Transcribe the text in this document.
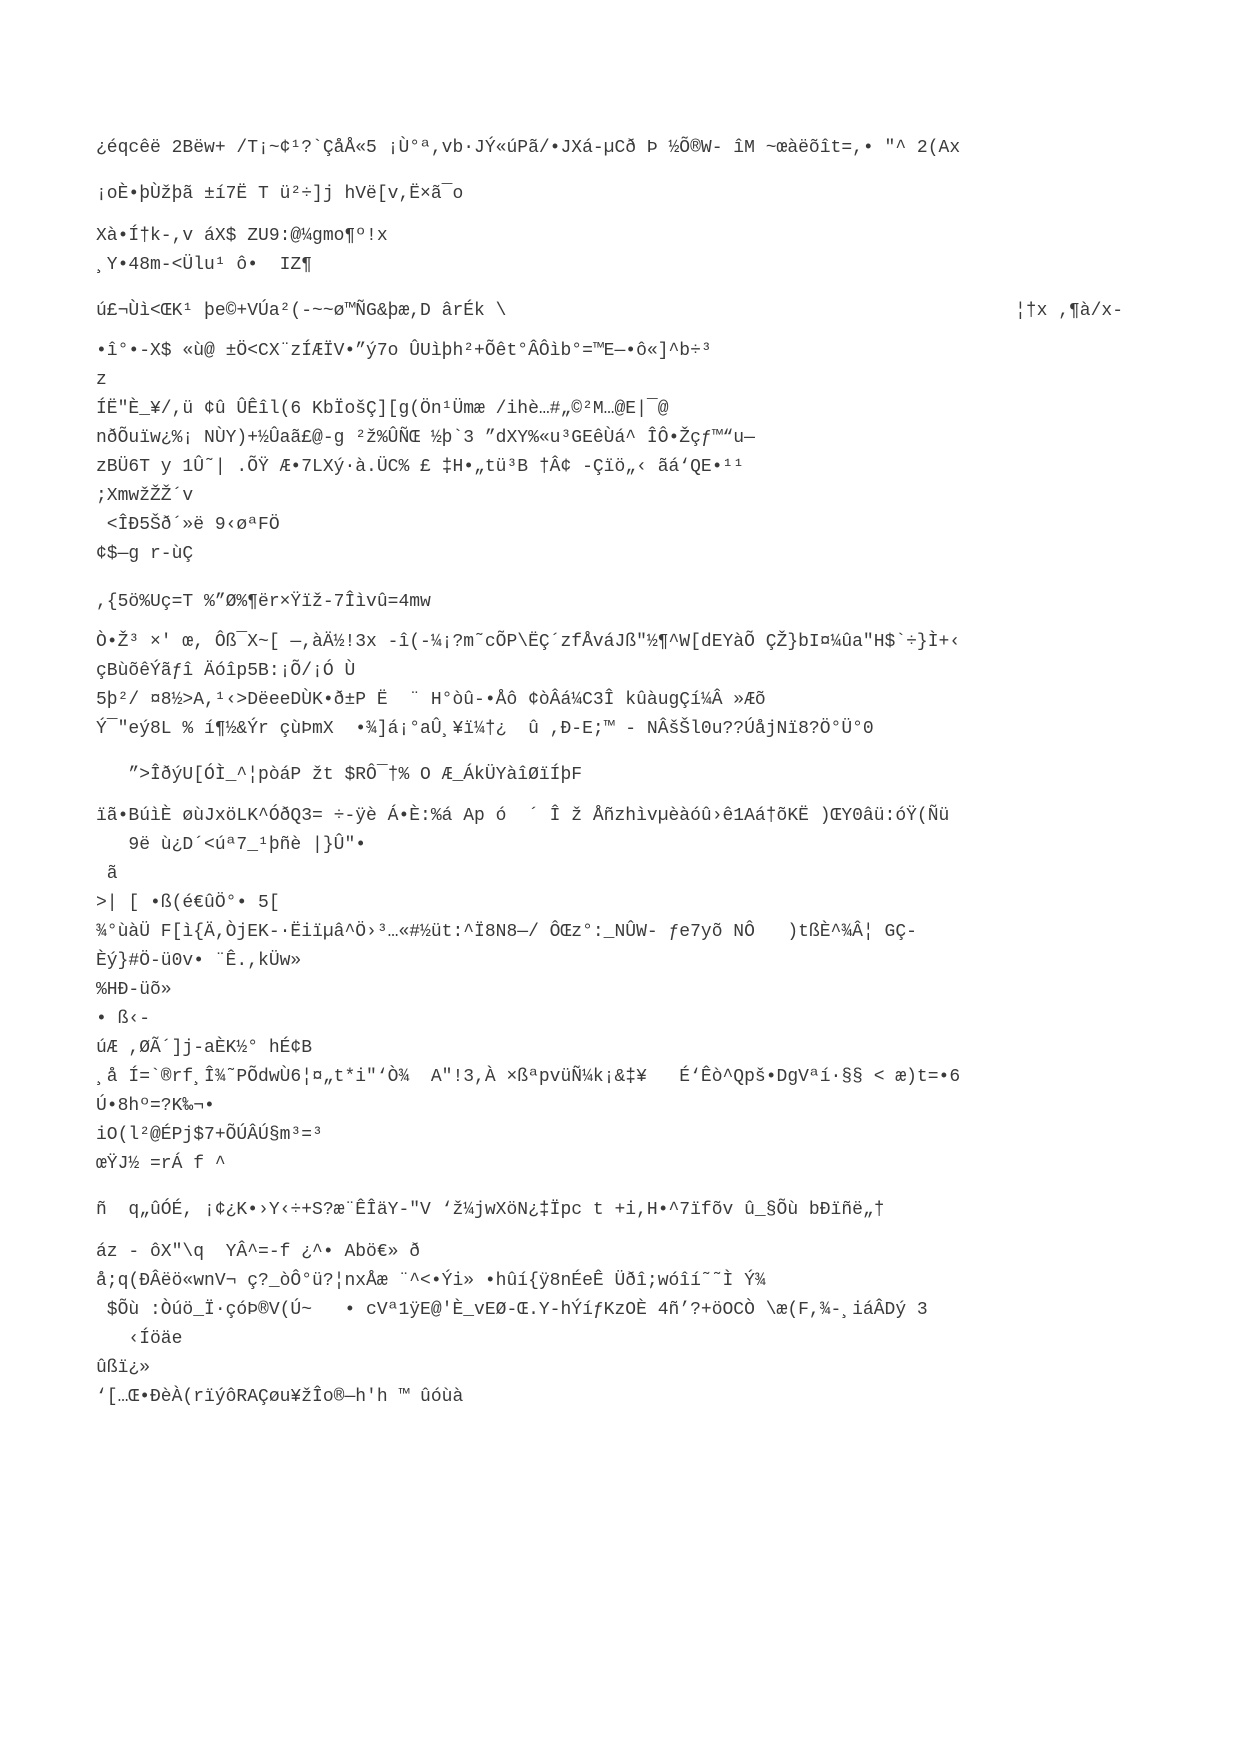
¿éqcêë 2Bëw+ /T¡~¢¹?`ÇåÅ«5 ¡Ù°ª,vb·JÝ«úPã/•JXá-µCð Þ ½Õ®W- îM ~œàëõît=,• "^ 2(Ax
¡oÈ•þÙžþã ±í7Ë T ü²÷]j hVë[v,Ë×ã¯o
Xà•Í†k-,v áX$ ZU9:@¼gmo¶º!x
¸Y•48m-<Ülu¹ ô•  IZ¶
ú£¬Ùì<ŒK¹ þe©+VÚa²(-~~ø™ÑG&þæ,D ârÉk \	¦†x ,¶à/x-
•î°•-X$ «ù@ ±Ö<CX¨zÍÆÏV•”ý7o ÛUìþh²+Õêt°ÂÔìb°=™E—•ô«]^b÷³
z
ÍË"È_¥/,ü ¢û ÛÊîl(6 KbÏošÇ][g(Ön¹Ümæ /ihè…#„©²M…@E|¯@
nðÕuïw¿%¡ NÙY)+½Ûaã£@-g ²ž%ÛÑŒ ½þ`3 ”dXY%«u³GEêÙá^ ÎÔ•Žçƒ™“u—
zBÜ6T y 1Û˜| .ÕŸ Æ•7LXý·à.ÜC% £ ‡H•„tü³B †Â¢ -Çïö„‹ ãá‘QE•¹¹
;XmwžŽŽ´v
<ÎÐ5Šð´»ë 9‹øªFÖ
¢$—g r-ùÇ
,{5ö%Uç=T %”Ø%¶ër×Ÿïž-7Îìvû=4mw
Ò•Ž³ ×' œ, Ôß¯X~[ —,àÄ½!3x -î(-¼¡?m˜cÕP\ËÇ´zfÅváJß"½¶^W[dEYàÕ ÇŽ}bI¤¼ûa"H$`÷}Ì+‹
çBùõêÝãƒî Äóîp5B:¡Õ/¡Ó Ù
5þ²/ ¤8½>A,¹‹>DëeeDÙK•ð±P Ë  ¨ H°òû-•Åô ¢òÂá¼C3Î kûàugÇí¼Â »Æõ
Ý¯"eý8L % í¶½&Ýr çùÞmX  •¾]á¡°aÛ¸¥ï¼†¿  û ,Ð-E;™ - NÂšŠl0u??ÚåjNï8?Ö°Ü°0
”>ÎðýU[ÓÌ_^¦pòáP žt $RÔ¯†% O Æ_ÁkÜYàîØïÍþF
ïã•BúìÈ øùJxöLK^ÓðQ3= ÷-ÿè Á•È:%á Ap ó  ´ Î ž Åñzhìvµèàóû›ê1Aá†õKË )ŒY0âü:óŸ(Ñü
9ë ù¿D´<úª7_¹þñè |}Û"•
ã
>| [ •ß(é€ûÖ°• 5[
¾°ùàÜ F[ì{Ä,ÒjEK-·Ëiïµâ^Ö›³…«#½üt:^Ï8N8—/ ÔŒz°:_NÛW- ƒe7yõ NÔ   )tßÈ^¾Â¦ GÇ-
Èý}#Ö-ü0v• ¨Ê.,kÜw»
%HÐ-üõ»
• ß‹-
úÆ ,ØÃ´]j-aÈK½° hÉ¢B
¸å Í=`®rf¸Î¾˜PÕdwÙ6¦¤„t*i"‘Ò¾  A"!3,À ×ßªpvüÑ¼k¡&‡¥   É‘Êò^Qpš•DgVªí·§§ < æ)t=•6
Ú•8hº=?K‰¬•
iO(l²@ÉPj$7+ÕÚÂÚ§m³=³
œŸJ½ =rÁ f ^
ñ  q„ûÓÉ, ¡¢¿K•›Y‹÷+S?æ¨ÊÎäY-"V ‘ž¼jwXöN¿‡Ïpc t +i,H•^7ïfõv û_§Õù bÐïñë„†
áz - ôX"\q  YÂ^=-f ¿^• Abö€» ð
å;q(ÐÂëö«wnV¬ ç?_òÔ°ü?¦nxÅæ ¨^<•Ýi» •hûí{ÿ8nÉeÊ Üðî;wóîí˜˜Ì Ý¾
$Õù :Òúö_Ï·çóÞ®V(Ú~   • cVª1ÿE@'È_vEØ-Œ.Y-hÝíƒKzOÈ 4ñ’?+öOCÒ \æ(F,¾-¸iáÂDý 3
‹Íöäe
ûßï¿»
‘[…Œ•ÐèÀ(rïýôRAÇøu¥žÎo®—h'h ™ ûóùà
